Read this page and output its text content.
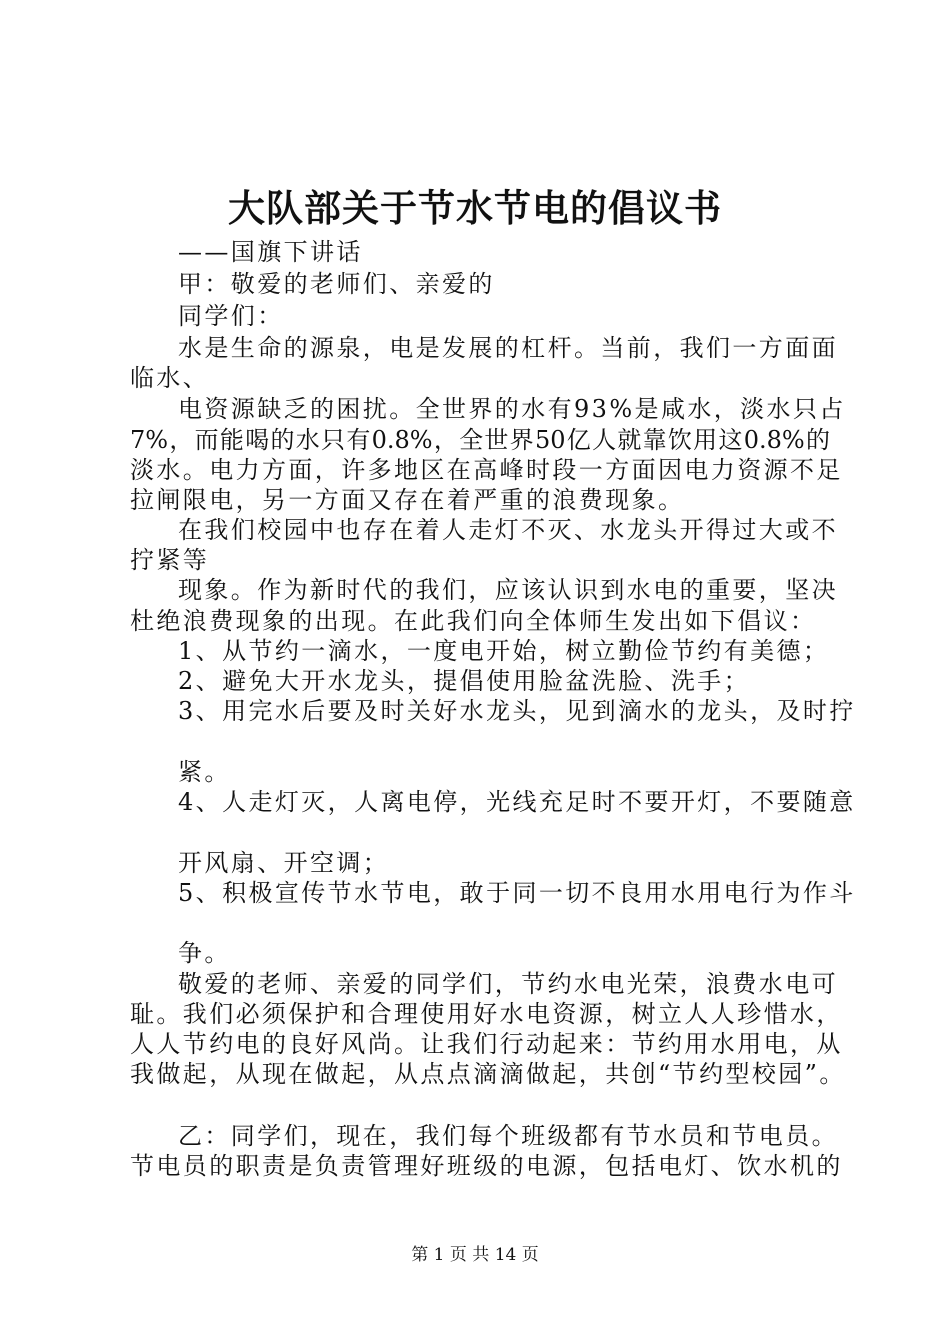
大队部关于节水节电的倡议书
——国旗下讲话
甲：敬爱的老师们、亲爱的
同学们：
水是生命的源泉，电是发展的杠杆。当前，我们一方面面
临水、
电资源缺乏的困扰。全世界的水有93%是咸水，淡水只占
7%，而能喝的水只有0.8%，全世界50亿人就靠饮用这0.8%的
淡水。电力方面，许多地区在高峰时段一方面因电力资源不足
拉闸限电，另一方面又存在着严重的浪费现象。
在我们校园中也存在着人走灯不灭、水龙头开得过大或不
拧紧等
现象。作为新时代的我们，应该认识到水电的重要，坚决
杜绝浪费现象的出现。在此我们向全体师生发出如下倡议：
1、从节约一滴水，一度电开始，树立勤俭节约有美德；
2、避免大开水龙头，提倡使用脸盆洗脸、洗手；
3、用完水后要及时关好水龙头，见到滴水的龙头，及时拧
紧。
4、人走灯灭，人离电停，光线充足时不要开灯，不要随意
开风扇、开空调；
5、积极宣传节水节电，敢于同一切不良用水用电行为作斗
争。
敬爱的老师、亲爱的同学们，节约水电光荣，浪费水电可
耻。我们必须保护和合理使用好水电资源，树立人人珍惜水，
人人节约电的良好风尚。让我们行动起来：节约用水用电，从
我做起，从现在做起，从点点滴滴做起，共创“节约型校园”。
乙：同学们，现在，我们每个班级都有节水员和节电员。
节电员的职责是负责管理好班级的电源，包括电灯、饮水机的
第 1 页 共 14 页
